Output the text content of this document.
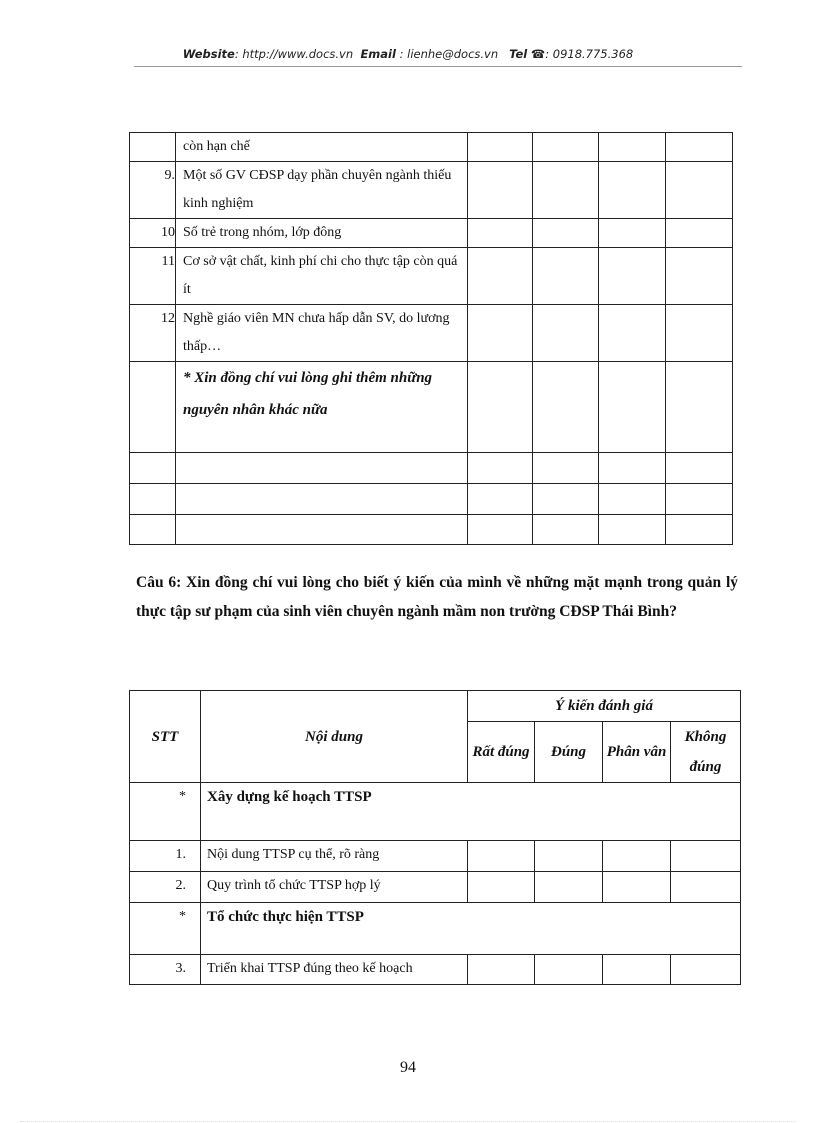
Website: http://www.docs.vn Email : lienhe@docs.vn Tel ☎: 0918.775.368
	còn hạn chế				
9.	Một số GV CĐSP dạy phần chuyên ngành thiếu kinh nghiệm				
10	Số trẻ trong nhóm, lớp đông				
11	Cơ sở vật chất, kinh phí chi cho thực tập còn quá ít				
12	Nghề giáo viên MN chưa hấp dẫn SV, do lương thấp…				
	* Xin đồng chí vui lòng ghi thêm những nguyên nhân khác nữa				

Câu 6: Xin đồng chí vui lòng cho biết ý kiến của mình về những mặt mạnh trong quản lý thực tập sư phạm của sinh viên chuyên ngành mầm non trường CĐSP Thái Bình?
STT	Nội dung	Ý kiến đánh giá			
		Rất đúng	Đúng	Phân vân	Không đúng
*	Xây dựng kế hoạch TTSP				
1.	Nội dung TTSP cụ thể, rõ ràng				
2.	Quy trình tổ chức TTSP hợp lý				
*	Tổ chức thực hiện TTSP				
3.	Triển khai TTSP đúng theo kế hoạch				
94
